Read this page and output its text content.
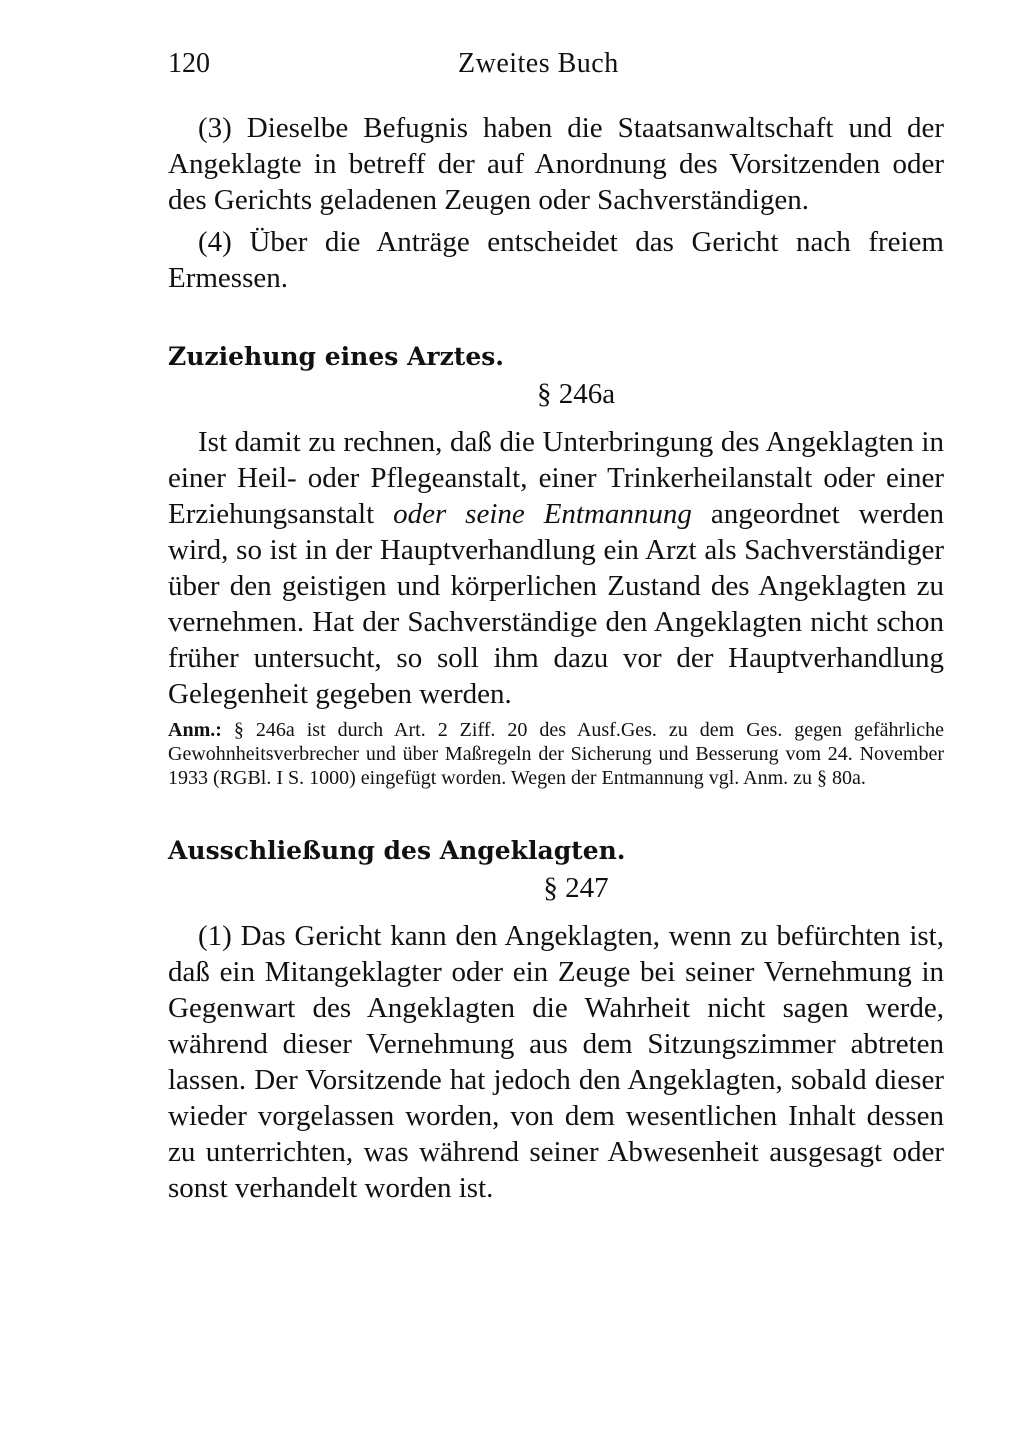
120	Zweites Buch

(3) Dieselbe Befugnis haben die Staatsanwaltschaft und der Angeklagte in betreff der auf Anordnung des Vorsitzenden oder des Gerichts geladenen Zeugen oder Sachverständigen.

(4) Über die Anträge entscheidet das Gericht nach freiem Ermessen.

Zuziehung eines Arztes.

§ 246a

Ist damit zu rechnen, daß die Unterbringung des Angeklagten in einer Heil- oder Pflegeanstalt, einer Trinkerheilanstalt oder einer Erziehungsanstalt oder seine Entmannung angeordnet werden wird, so ist in der Hauptverhandlung ein Arzt als Sachverständiger über den geistigen und körperlichen Zustand des Angeklagten zu vernehmen. Hat der Sachverständige den Angeklagten nicht schon früher untersucht, so soll ihm dazu vor der Hauptverhandlung Gelegenheit gegeben werden.

Anm.: § 246a ist durch Art. 2 Ziff. 20 des Ausf.Ges. zu dem Ges. gegen gefährliche Gewohnheitsverbrecher und über Maßregeln der Sicherung und Besserung vom 24. November 1933 (RGBl. I S. 1000) eingefügt worden. Wegen der Entmannung vgl. Anm. zu § 80a.

Ausschließung des Angeklagten.

§ 247

(1) Das Gericht kann den Angeklagten, wenn zu befürchten ist, daß ein Mitangeklagter oder ein Zeuge bei seiner Vernehmung in Gegenwart des Angeklagten die Wahrheit nicht sagen werde, während dieser Vernehmung aus dem Sitzungszimmer abtreten lassen. Der Vorsitzende hat jedoch den Angeklagten, sobald dieser wieder vorgelassen worden, von dem wesentlichen Inhalt dessen zu unterrichten, was während seiner Abwesenheit ausgesagt oder sonst verhandelt worden ist.
